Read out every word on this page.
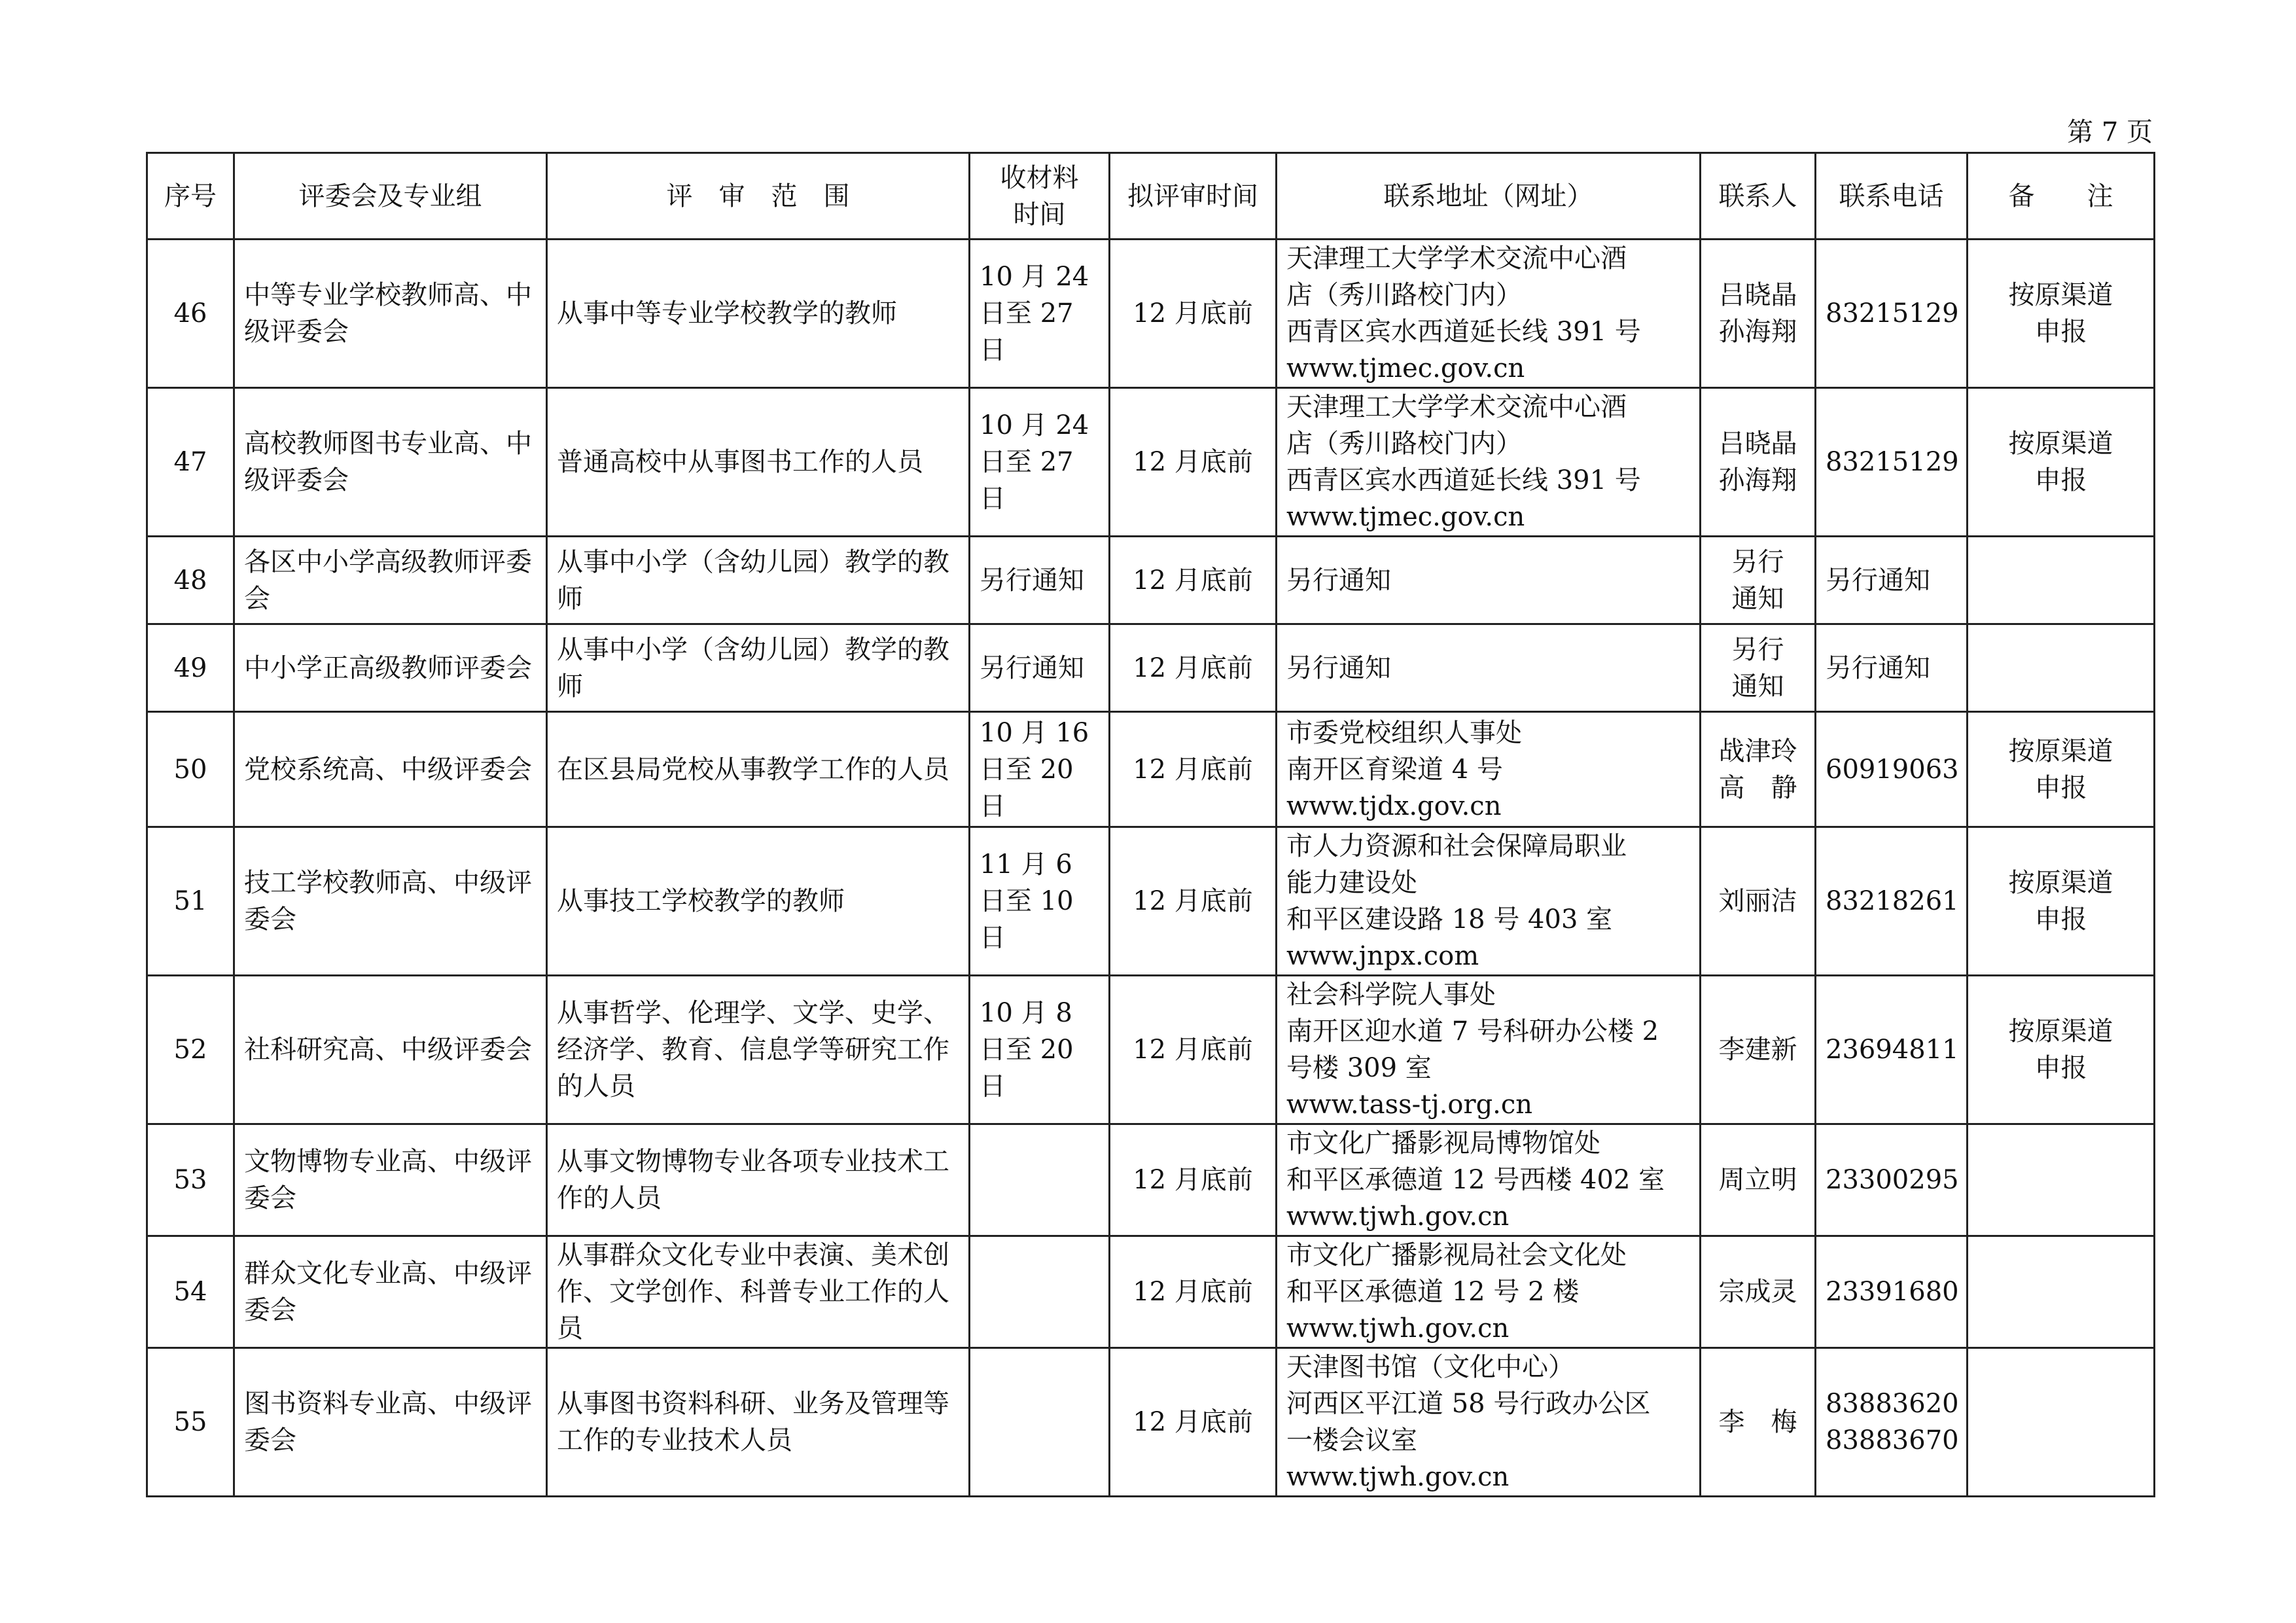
第 7 页
序号	评委会及专业组	评　审　范　围	收材料时间	拟评审时间	联系地址（网址）	联系人	联系电话	备　　注
46	中等专业学校教师高、中级评委会	从事中等专业学校教学的教师	10 月 24 日至 27 日	12 月底前	天津理工大学学术交流中心酒
店（秀川路校门内）
西青区宾水西道延长线 391 号
www.tjmec.gov.cn	吕晓晶
孙海翔	83215129	按原渠道
申报

47	高校教师图书专业高、中级评委会	普通高校中从事图书工作的人员	10 月 24 日至 27 日	12 月底前	天津理工大学学术交流中心酒
店（秀川路校门内）
西青区宾水西道延长线 391 号
www.tjmec.gov.cn	吕晓晶
孙海翔	83215129	按原渠道
申报

48	各区中小学高级教师评委会	从事中小学（含幼儿园）教学的教师	另行通知	12 月底前	另行通知	另行
通知	另行通知	

49	中小学正高级教师评委会	从事中小学（含幼儿园）教学的教师	另行通知	12 月底前	另行通知	另行
通知	另行通知	

50	党校系统高、中级评委会	在区县局党校从事教学工作的人员	10 月 16 日至 20 日	12 月底前	市委党校组织人事处
南开区育梁道 4 号
www.tjdx.gov.cn	战津玲
高　静	60919063	按原渠道
申报

51	技工学校教师高、中级评委会	从事技工学校教学的教师	11 月 6 日至 10 日	12 月底前	市人力资源和社会保障局职业
能力建设处
和平区建设路 18 号 403 室
www.jnpx.com	刘丽洁	83218261	按原渠道
申报

52	社科研究高、中级评委会	从事哲学、伦理学、文学、史学、经济学、教育、信息学等研究工作的人员	10 月 8 日至 20 日	12 月底前	社会科学院人事处
南开区迎水道 7 号科研办公楼 2
号楼 309 室
www.tass-tj.org.cn	李建新	23694811	按原渠道
申报

53	文物博物专业高、中级评委会	从事文物博物专业各项专业技术工作的人员		12 月底前	市文化广播影视局博物馆处
和平区承德道 12 号西楼 402 室
www.tjwh.gov.cn	周立明	23300295	

54	群众文化专业高、中级评委会	从事群众文化专业中表演、美术创作、文学创作、科普专业工作的人员		12 月底前	市文化广播影视局社会文化处
和平区承德道 12 号 2 楼
www.tjwh.gov.cn	宗成灵	23391680	

55	图书资料专业高、中级评委会	从事图书资料科研、业务及管理等工作的专业技术人员		12 月底前	天津图书馆（文化中心）
河西区平江道 58 号行政办公区
一楼会议室
www.tjwh.gov.cn	李　梅	83883620
83883670	
